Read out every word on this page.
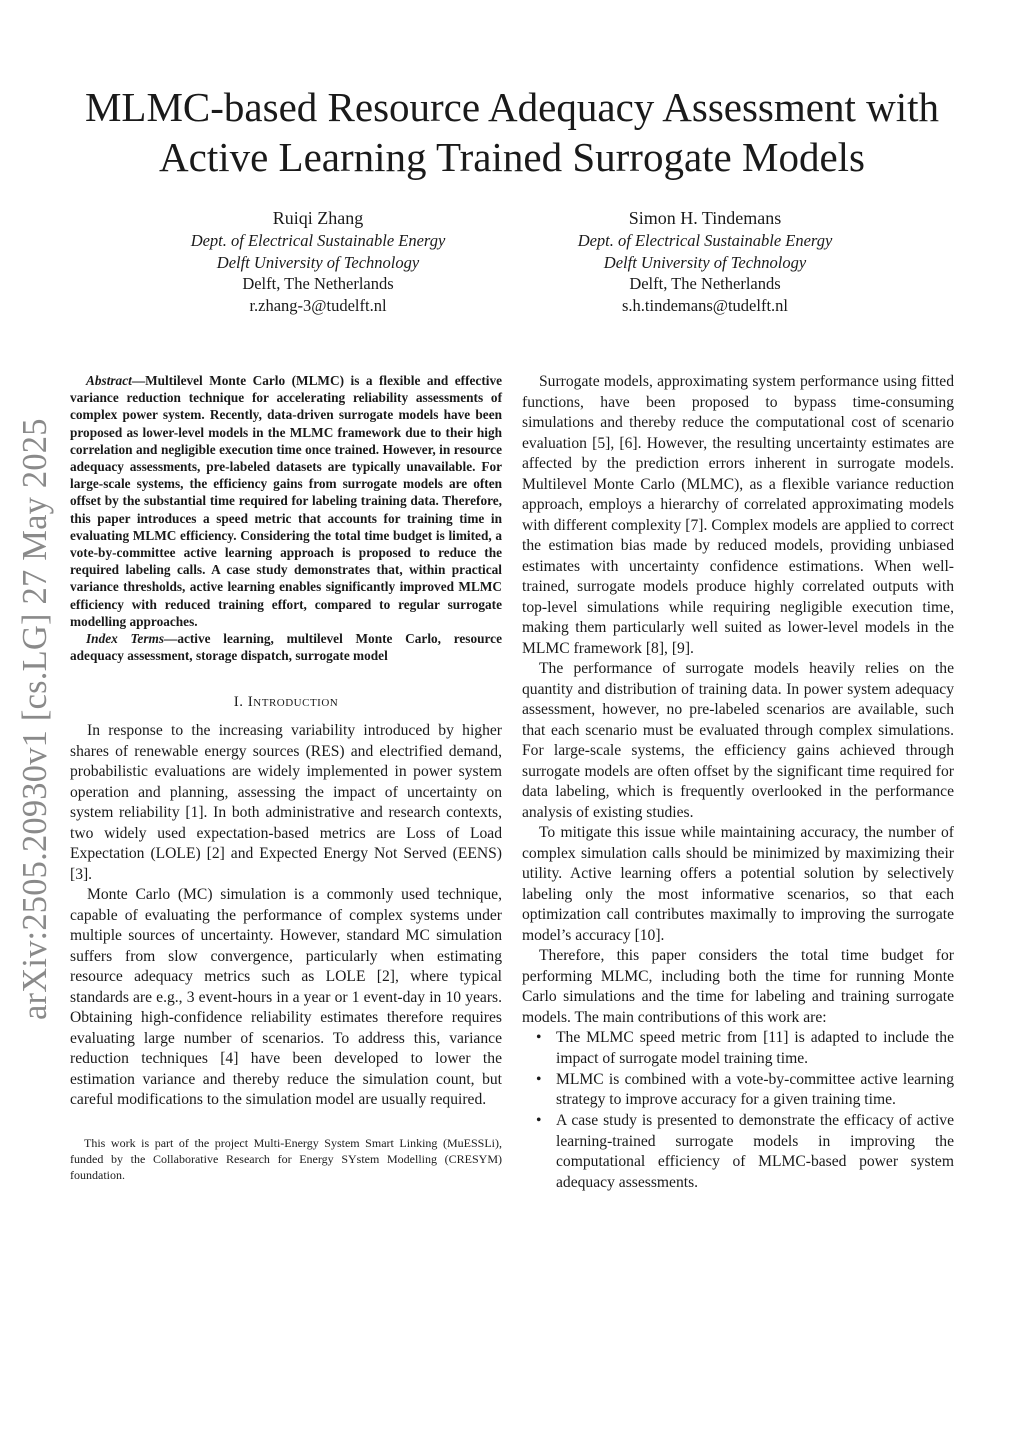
MLMC-based Resource Adequacy Assessment with
Active Learning Trained Surrogate Models
Ruiqi Zhang
Dept. of Electrical Sustainable Energy
Delft University of Technology
Delft, The Netherlands
r.zhang-3@tudelft.nl
Simon H. Tindemans
Dept. of Electrical Sustainable Energy
Delft University of Technology
Delft, The Netherlands
s.h.tindemans@tudelft.nl
arXiv:2505.20930v1 [cs.LG] 27 May 2025

Abstract—Multilevel Monte Carlo (MLMC) is a flexible and effective variance reduction technique for accelerating reliability assessments of complex power system. Recently, data-driven surrogate models have been proposed as lower-level models in the MLMC framework due to their high correlation and negligible execution time once trained. However, in resource adequacy assessments, pre-labeled datasets are typically unavailable. For large-scale systems, the efficiency gains from surrogate models are often offset by the substantial time required for labeling training data. Therefore, this paper introduces a speed metric that accounts for training time in evaluating MLMC efficiency. Considering the total time budget is limited, a vote-by-committee active learning approach is proposed to reduce the required labeling calls. A case study demonstrates that, within practical variance thresholds, active learning enables significantly improved MLMC efficiency with reduced training effort, compared to regular surrogate modelling approaches.

Index Terms—active learning, multilevel Monte Carlo, resource adequacy assessment, storage dispatch, surrogate model

I. Introduction

In response to the increasing variability introduced by higher shares of renewable energy sources (RES) and electrified demand, probabilistic evaluations are widely implemented in power system operation and planning, assessing the impact of uncertainty on system reliability [1]. In both administrative and research contexts, two widely used expectation-based metrics are Loss of Load Expectation (LOLE) [2] and Expected Energy Not Served (EENS) [3].

Monte Carlo (MC) simulation is a commonly used technique, capable of evaluating the performance of complex systems under multiple sources of uncertainty. However, standard MC simulation suffers from slow convergence, particularly when estimating resource adequacy metrics such as LOLE [2], where typical standards are e.g., 3 event-hours in a year or 1 event-day in 10 years. Obtaining high-confidence reliability estimates therefore requires evaluating large number of scenarios. To address this, variance reduction techniques [4] have been developed to lower the estimation variance and thereby reduce the simulation count, but careful modifications to the simulation model are usually required.

This work is part of the project Multi-Energy System Smart Linking (MuESSLi), funded by the Collaborative Research for Energy SYstem Modelling (CRESYM) foundation.

Surrogate models, approximating system performance using fitted functions, have been proposed to bypass time-consuming simulations and thereby reduce the computational cost of scenario evaluation [5], [6]. However, the resulting uncertainty estimates are affected by the prediction errors inherent in surrogate models. Multilevel Monte Carlo (MLMC), as a flexible variance reduction approach, employs a hierarchy of correlated approximating models with different complexity [7]. Complex models are applied to correct the estimation bias made by reduced models, providing unbiased estimates with uncertainty confidence estimations. When well-trained, surrogate models produce highly correlated outputs with top-level simulations while requiring negligible execution time, making them particularly well suited as lower-level models in the MLMC framework [8], [9].

The performance of surrogate models heavily relies on the quantity and distribution of training data. In power system adequacy assessment, however, no pre-labeled scenarios are available, such that each scenario must be evaluated through complex simulations. For large-scale systems, the efficiency gains achieved through surrogate models are often offset by the significant time required for data labeling, which is frequently overlooked in the performance analysis of existing studies.

To mitigate this issue while maintaining accuracy, the number of complex simulation calls should be minimized by maximizing their utility. Active learning offers a potential solution by selectively labeling only the most informative scenarios, so that each optimization call contributes maximally to improving the surrogate model’s accuracy [10].

Therefore, this paper considers the total time budget for performing MLMC, including both the time for running Monte Carlo simulations and the time for labeling and training surrogate models. The main contributions of this work are:

• The MLMC speed metric from [11] is adapted to include the impact of surrogate model training time.
• MLMC is combined with a vote-by-committee active learning strategy to improve accuracy for a given training time.
• A case study is presented to demonstrate the efficacy of active learning-trained surrogate models in improving the computational efficiency of MLMC-based power system adequacy assessments.
